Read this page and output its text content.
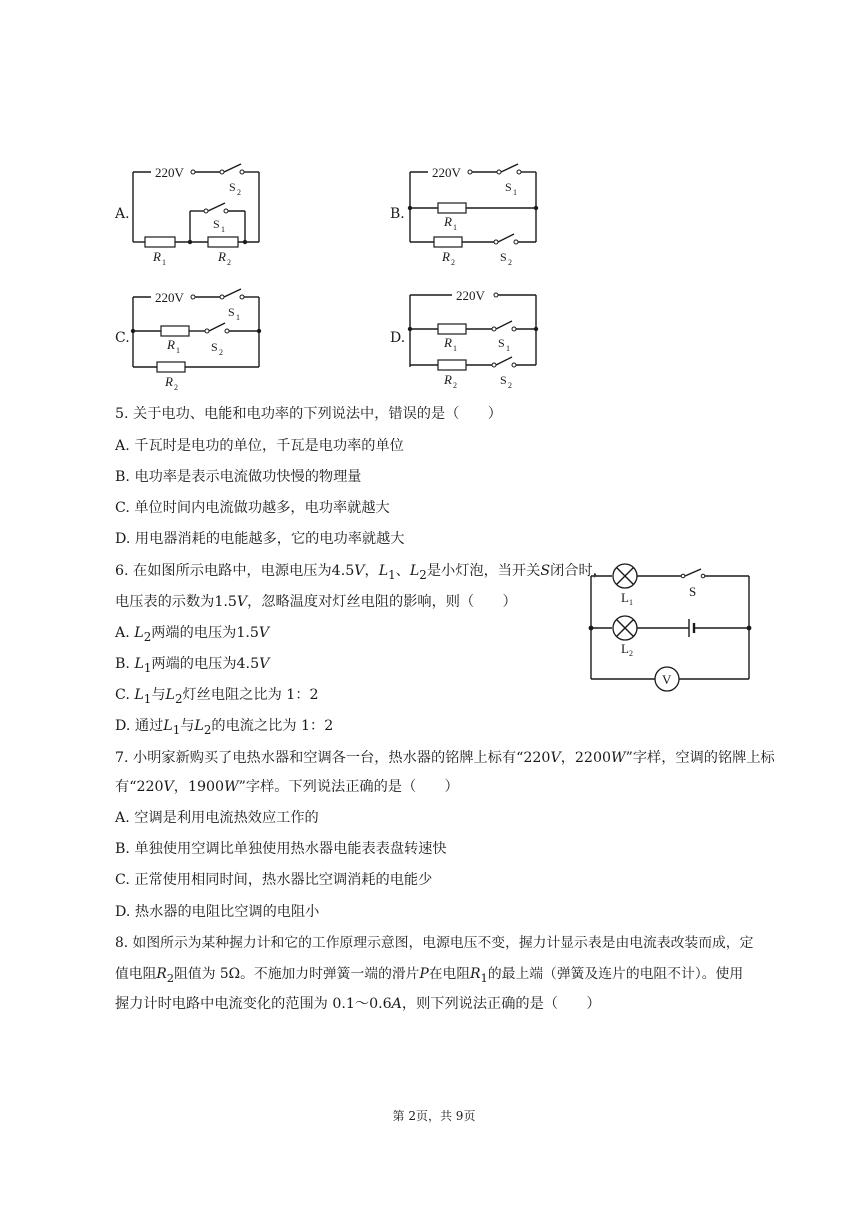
A.	B.
C.	D.
220V
S 2
S 1
R 1	R 2
220V
S 1
R 1
R 2	S 2
220V
S 1
R 1	S 2
R 2
220V
R 1	S 1
R 2	S 2
5. 关于电功、电能和电功率的下列说法中，错误的是（　　）
A. 千瓦时是电功的单位，千瓦是电功率的单位
B. 电功率是表示电流做功快慢的物理量
C. 单位时间内电流做功越多，电功率就越大
D. 用电器消耗的电能越多，它的电功率就越大
6. 在如图所示电路中，电源电压为4.5V，$L_1$、$L_2$是小灯泡，当开关S闭合时，
电压表的示数为1.5V，忽略温度对灯丝电阻的影响，则（　　）
A. $L_2$两端的电压为1.5V
B. $L_1$两端的电压为4.5V
C. $L_1$与$L_2$灯丝电阻之比为 1：2
D. 通过$L_1$与$L_2$的电流之比为 1：2
V
L 1
L 2
S
7. 小明家新购买了电热水器和空调各一台，热水器的铭牌上标有“220V，2200W”字样，空调的铭牌上标
有“220V，1900W”字样。下列说法正确的是（　　）
A. 空调是利用电流热效应工作的
B. 单独使用空调比单独使用热水器电能表表盘转速快
C. 正常使用相同时间，热水器比空调消耗的电能少
D. 热水器的电阻比空调的电阻小
8. 如图所示为某种握力计和它的工作原理示意图，电源电压不变，握力计显示表是由电流表改装而成，定
值电阻$R_2$阻值为 5Ω。不施加力时弹簧一端的滑片P在电阻$R_1$的最上端（弹簧及连片的电阻不计）。使用
握力计时电路中电流变化的范围为 0.1～0.6A，则下列说法正确的是（　　）
第 2页，共 9页
